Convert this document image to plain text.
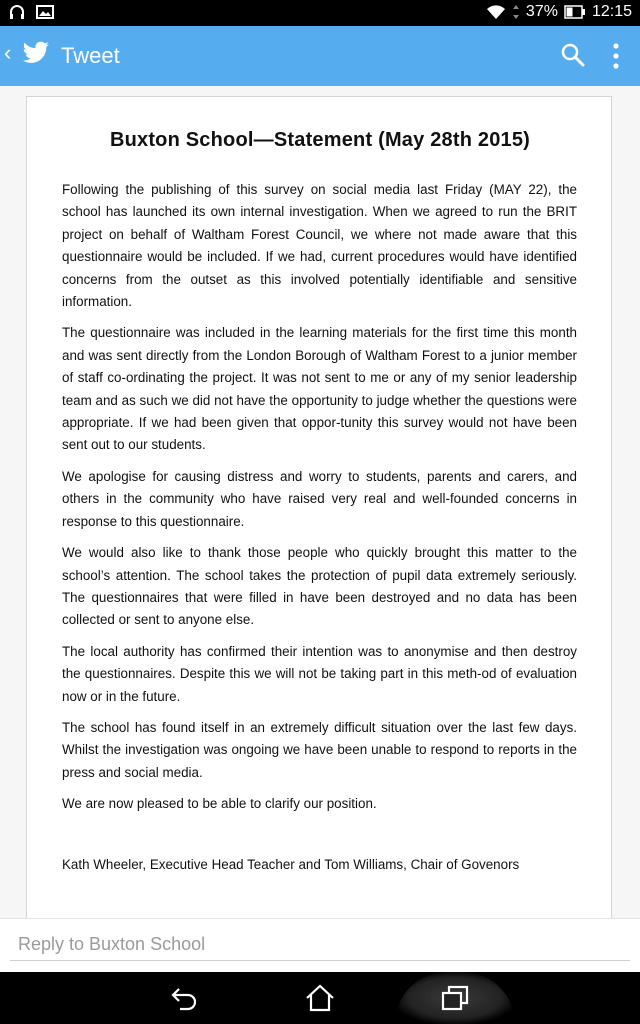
37% 12:15
‹ Tweet
Buxton School—Statement (May 28th 2015)

Following the publishing of this survey on social media last Friday (MAY 22), the school has launched its own internal investigation. When we agreed to run the BRIT project on behalf of Waltham Forest Council, we where not made aware that this questionnaire would be included. If we had, current procedures would have identified concerns from the outset as this involved potentially identifiable and sensitive information.

The questionnaire was included in the learning materials for the first time this month and was sent directly from the London Borough of Waltham Forest to a junior member of staff co-ordinating the project. It was not sent to me or any of my senior leadership team and as such we did not have the opportunity to judge whether the questions were appropriate. If we had been given that oppor-tunity this survey would not have been sent out to our students.

We apologise for causing distress and worry to students, parents and carers, and others in the community who have raised very real and well-founded concerns in response to this questionnaire.

We would also like to thank those people who quickly brought this matter to the school’s attention. The school takes the protection of pupil data extremely seriously. The questionnaires that were filled in have been destroyed and no data has been collected or sent to anyone else.

The local authority has confirmed their intention was to anonymise and then destroy the questionnaires. Despite this we will not be taking part in this meth-od of evaluation now or in the future.

The school has found itself in an extremely difficult situation over the last few days. Whilst the investigation was ongoing we have been unable to respond to reports in the press and social media.

We are now pleased to be able to clarify our position.

Kath Wheeler, Executive Head Teacher and Tom Williams, Chair of Govenors
Reply to Buxton School
